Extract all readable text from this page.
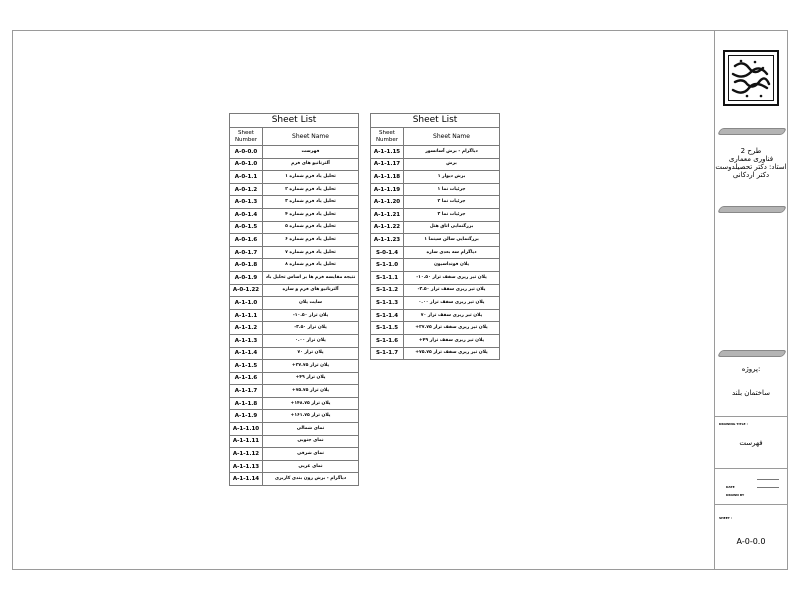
Sheet List
Sheet Number	Sheet Name
A-0-0.0	فهرست
A-0-1.0	آلترناتیو های فرم
A-0-1.1	تحلیل یاد فرم شماره ۱
A-0-1.2	تحلیل یاد فرم شماره ۲
A-0-1.3	تحلیل یاد فرم شماره ۳
A-0-1.4	تحلیل یاد فرم شماره ۴
A-0-1.5	تحلیل یاد فرم شماره ۵
A-0-1.6	تحلیل یاد فرم شماره ۶
A-0-1.7	تحلیل یاد فرم شماره ۷
A-0-1.8	تحلیل یاد فرم شماره ۸
A-0-1.9	نتیجه مقایسه فرم ها بر اساس تحلیل باد
A-0-1.22	آلترناتیو های فرم و سازه
A-1-1.0	سایت پلان
A-1-1.1	پلان تراز ۱۰.۵۰-
A-1-1.2	پلان تراز ۳.۵۰-
A-1-1.3	پلان تراز ۰.۰۰
A-1-1.4	پلان تراز ۷۰
A-1-1.5	پلان تراز ۲۷.۷۵+
A-1-1.6	پلان تراز ۴۹+
A-1-1.7	پلان تراز ۷۵.۷۵+
A-1-1.8	پلان تراز ۱۴۸.۷۵+
A-1-1.9	پلان تراز ۱۶۱.۷۵+
A-1-1.10	نمای شمالی
A-1-1.11	نمای جنوبی
A-1-1.12	نمای شرقی
A-1-1.13	نمای غربی
A-1-1.14	دیاگرام - برش زون بندی کاربری
Sheet List
Sheet Number	Sheet Name
A-1-1.15	دیاگرام - برش آسانسور
A-1-1.17	برش
A-1-1.18	برش دیوار ۱
A-1-1.19	جزئیات نما ۱
A-1-1.20	جزئیات نما ۲
A-1-1.21	جزئیات نما ۳
A-1-1.22	بزرگنمایی اتاق هتل
A-1-1.23	بزرگنمایی سالن سینما ۱
S-0-1.4	دیاگرام سه بعدی سازه
S-1-1.0	پلان فونداسیون
S-1-1.1	پلان تیر ریزی سقف تراز ۱۰.۵۰-
S-1-1.2	پلان تیر ریزی سقف تراز ۳.۵۰-
S-1-1.3	پلان تیر ریزی سقف تراز ۰.۰۰
S-1-1.4	پلان تیر ریزی سقف تراز ۷۰
S-1-1.5	پلان تیر ریزی سقف تراز ۲۷.۷۵+
S-1-1.6	پلان تیر ریزی سقف تراز ۴۹+
S-1-1.7	پلان تیر ریزی سقف تراز ۷۵.۷۵+
طرح 2
فناوری معماری
استاد: دکتر تحصیلدوست
دکتر اردکانی
پروژه:
ساختمان بلند
DRAWING TITLE :
فهرست
DATE
DRAWN BY
SHEET :
A-0-0.0
